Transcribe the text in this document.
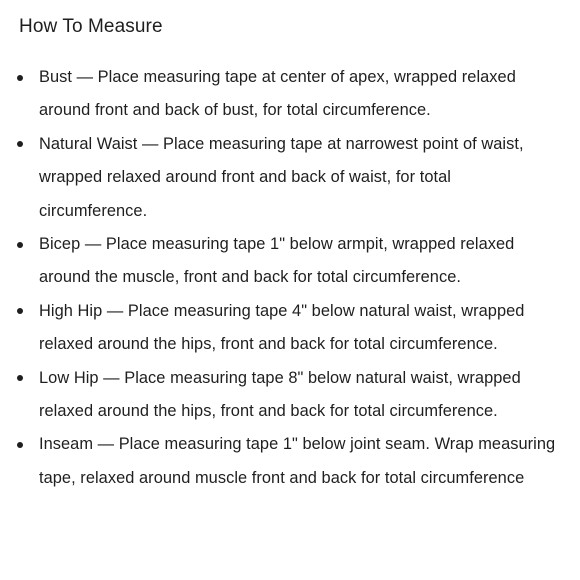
How To Measure
Bust — Place measuring tape at center of apex, wrapped relaxed around front and back of bust, for total circumference.
Natural Waist — Place measuring tape at narrowest point of waist, wrapped relaxed around front and back of waist, for total circumference.
Bicep — Place measuring tape 1" below armpit, wrapped relaxed around the muscle, front and back for total circumference.
High Hip — Place measuring tape 4" below natural waist, wrapped relaxed around the hips, front and back for total circumference.
Low Hip — Place measuring tape 8" below natural waist, wrapped relaxed around the hips, front and back for total circumference.
Inseam — Place measuring tape 1" below joint seam. Wrap measuring tape, relaxed around muscle front and back for total circumference
